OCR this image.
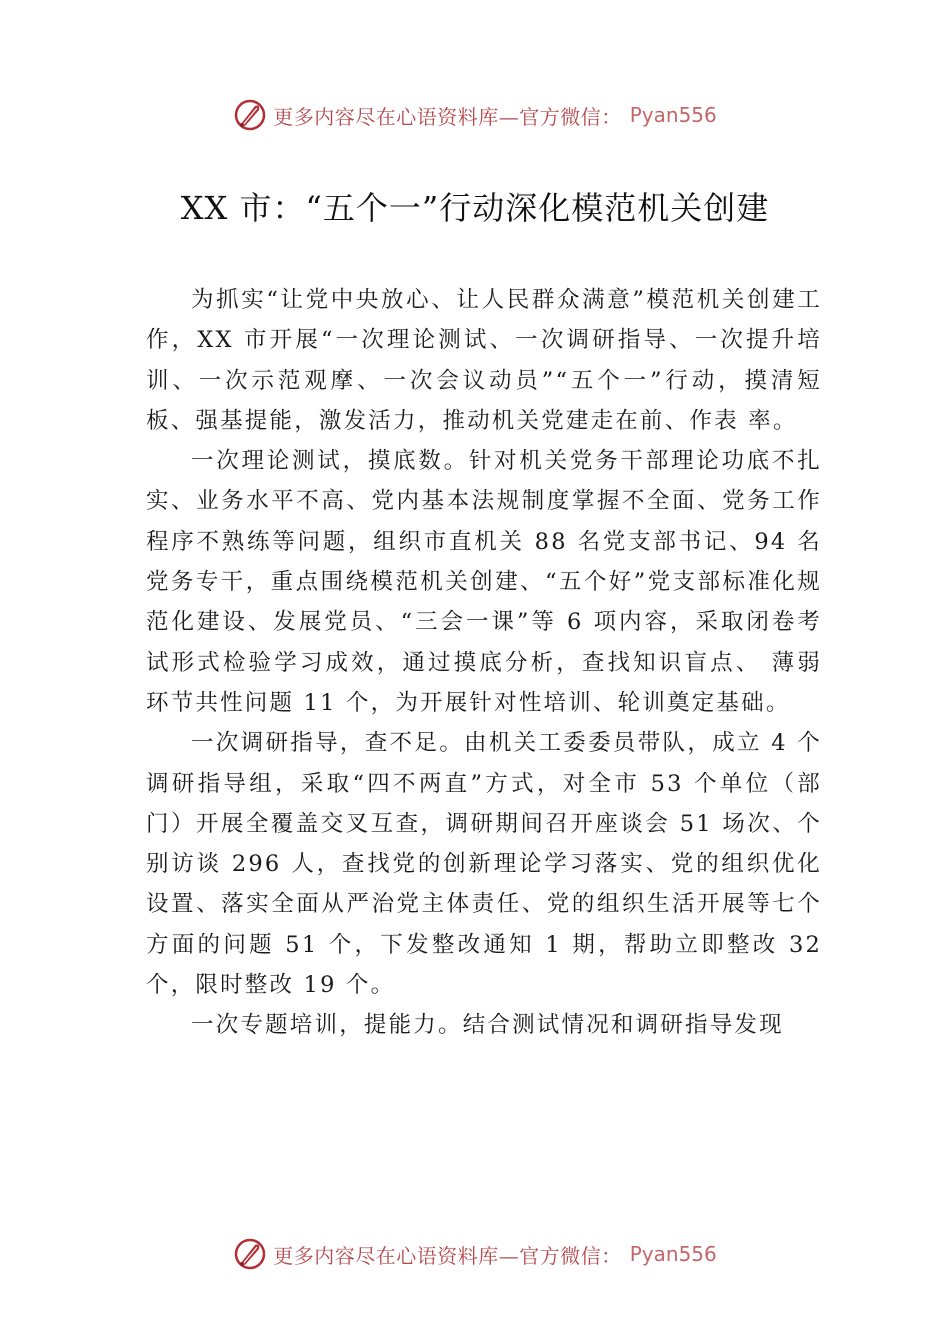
更多内容尽在心语资料库—官方微信： Pyan556
XX 市：“五个一”行动深化模范机关创建

为抓实“让党中央放心、让人民群众满意”模范机关创建工作，XX 市开展“一次理论测试、一次调研指导、一次提升培训、一次示范观摩、一次会议动员”“五个一”行动，摸清短板、强基提能，激发活力，推动机关党建走在前、作表 率。

一次理论测试，摸底数。针对机关党务干部理论功底不扎实、业务水平不高、党内基本法规制度掌握不全面、党务工作程序不熟练等问题，组织市直机关 88 名党支部书记、94 名党务专干，重点围绕模范机关创建、“五个好”党支部标准化规范化建设、发展党员、“三会一课”等 6 项内容，采取闭卷考试形式检验学习成效，通过摸底分析，查找知识盲点、 薄弱环节共性问题 11 个，为开展针对性培训、轮训奠定基础。

一次调研指导，查不足。由机关工委委员带队，成立 4 个调研指导组，采取“四不两直”方式，对全市 53 个单位（部门）开展全覆盖交叉互查，调研期间召开座谈会 51 场次、个别访谈 296 人，查找党的创新理论学习落实、党的组织优化设置、落实全面从严治党主体责任、党的组织生活开展等七个方面的问题 51 个，下发整改通知 1 期，帮助立即整改 32 个，限时整改 19 个。

一次专题培训，提能力。结合测试情况和调研指导发现

更多内容尽在心语资料库—官方微信： Pyan556
